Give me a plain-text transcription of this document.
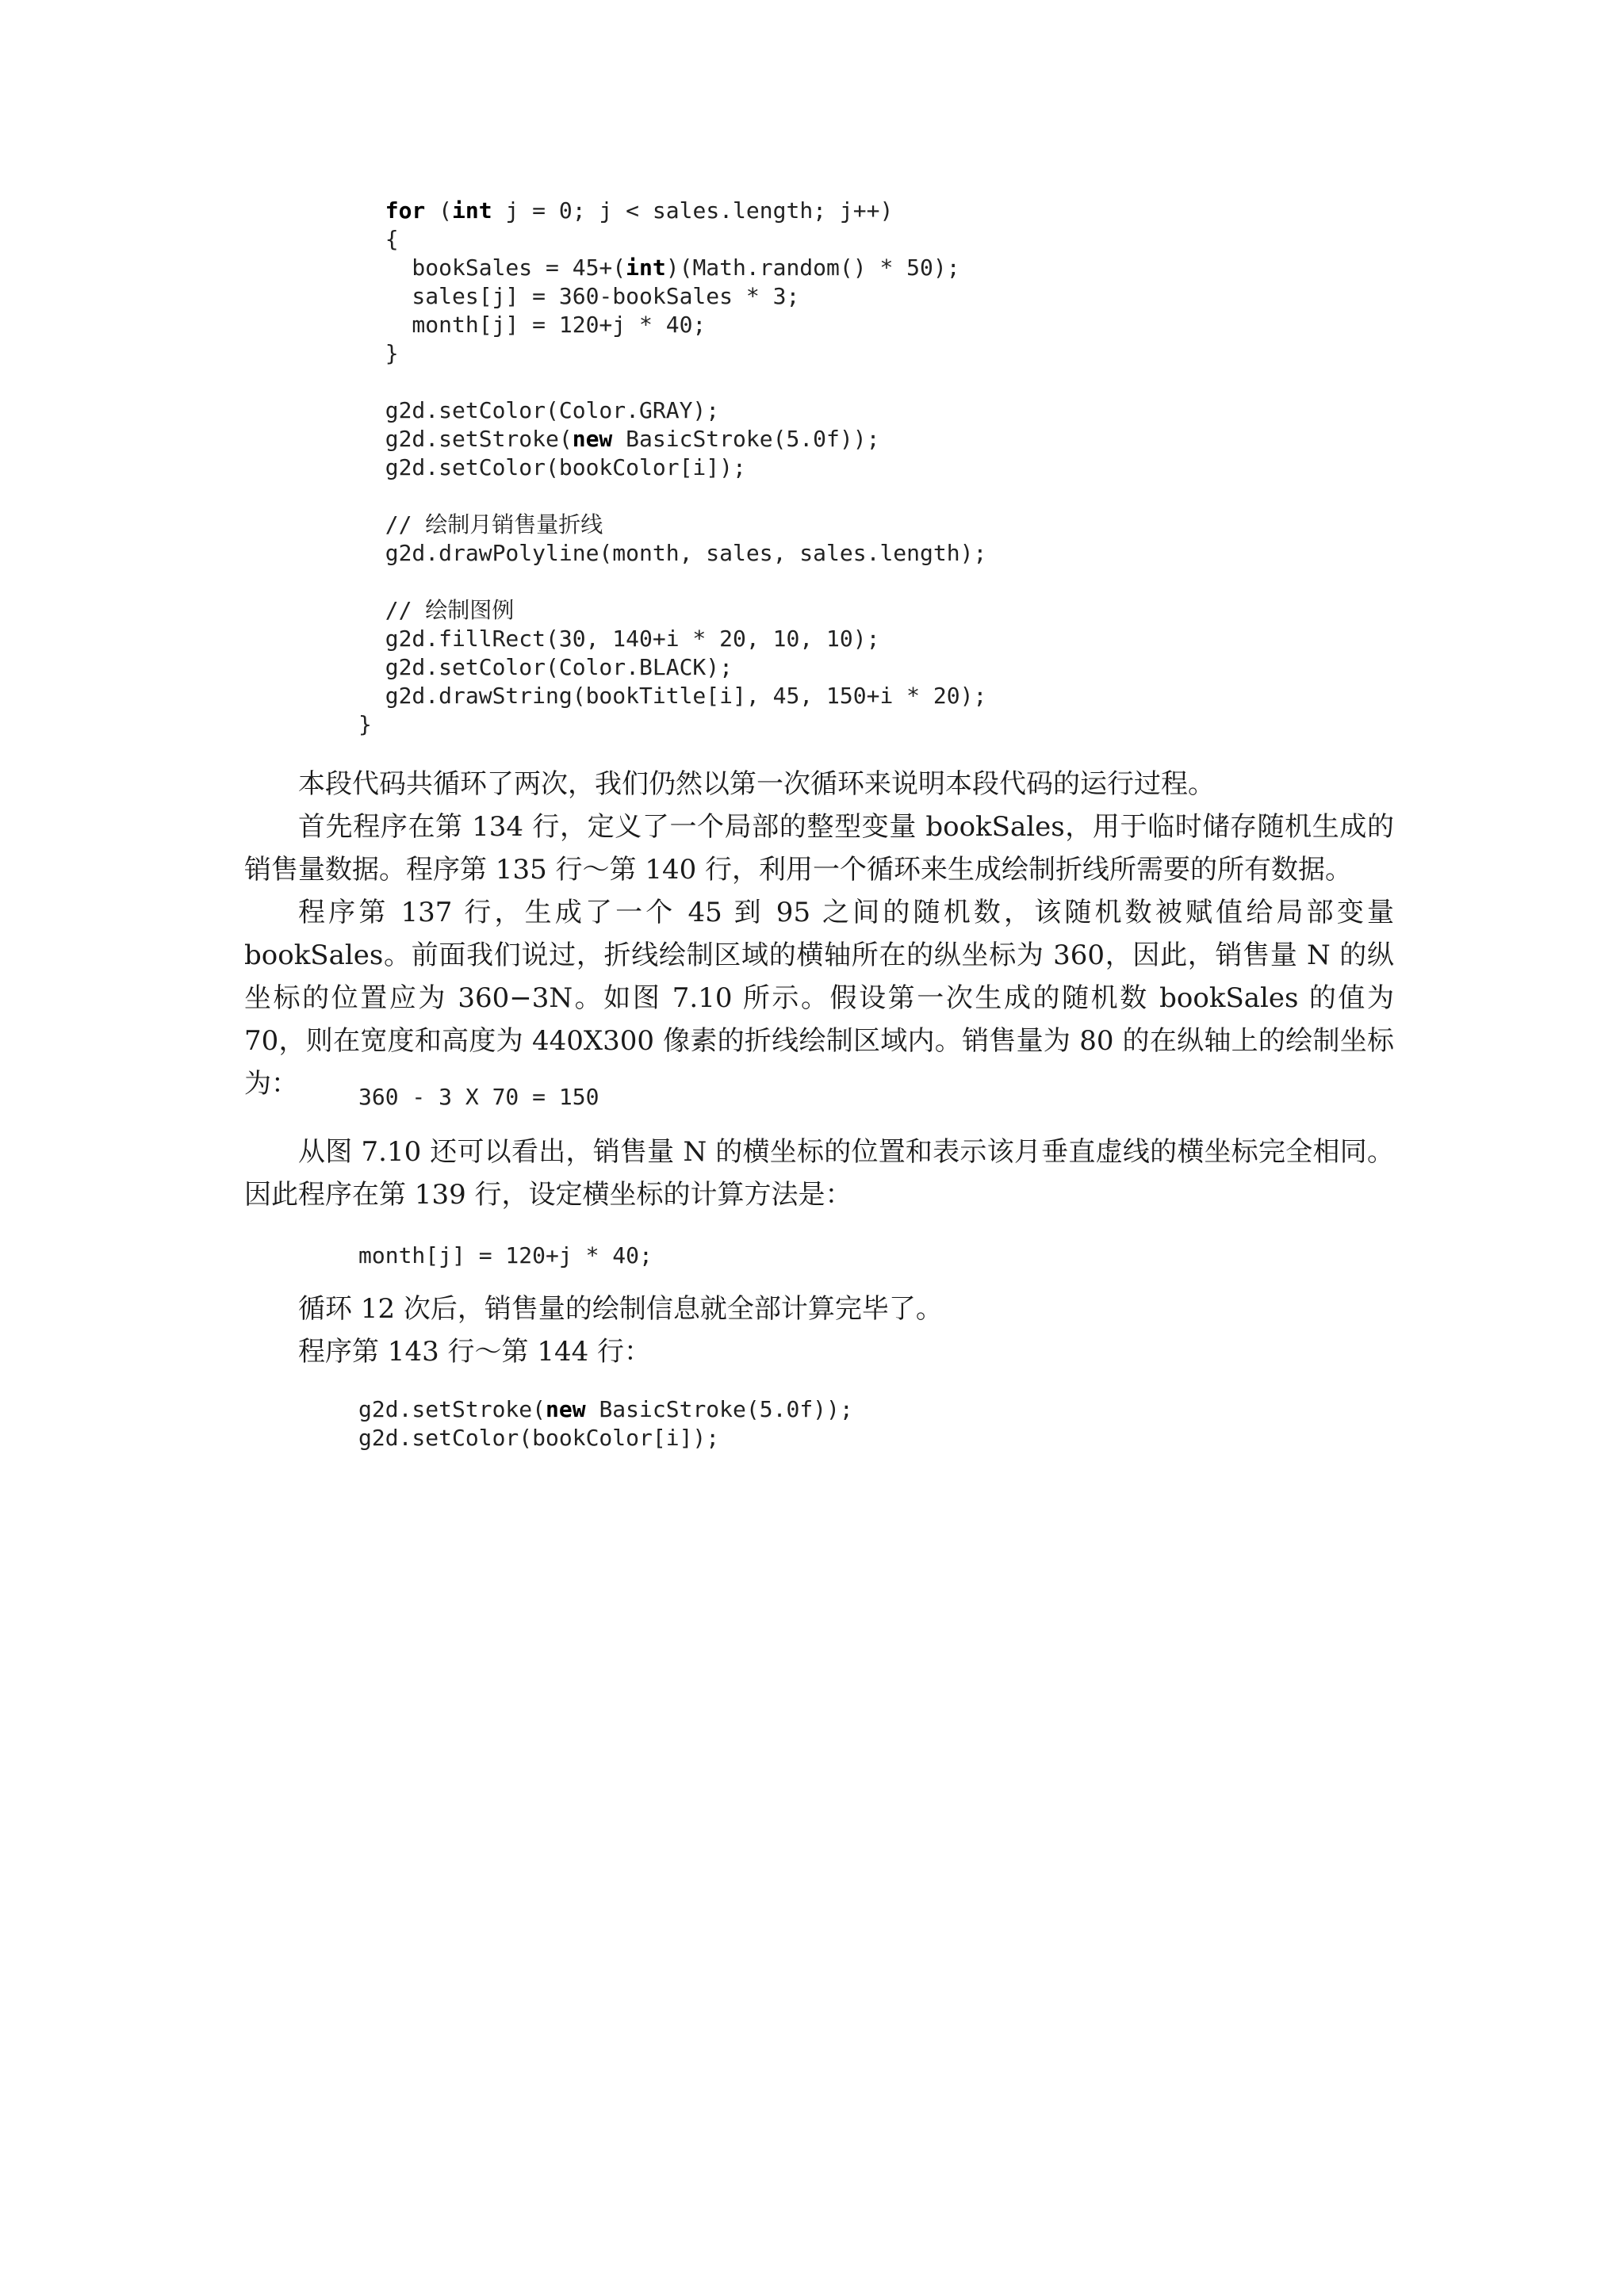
for (int j = 0; j < sales.length; j++)
{
bookSales = 45+(int)(Math.random() * 50);
sales[j] = 360-bookSales * 3;
month[j] = 120+j * 40;
}
g2d.setColor(Color.GRAY);
g2d.setStroke(new BasicStroke(5.0f));
g2d.setColor(bookColor[i]);
// 绘制月销售量折线
g2d.drawPolyline(month, sales, sales.length);
// 绘制图例
g2d.fillRect(30, 140+i * 20, 10, 10);
g2d.setColor(Color.BLACK);
g2d.drawString(bookTitle[i], 45, 150+i * 20);
}

本段代码共循环了两次，我们仍然以第一次循环来说明本段代码的运行过程。

首先程序在第 134 行，定义了一个局部的整型变量 bookSales，用于临时储存随机生成的销售量数据。程序第 135 行～第 140 行，利用一个循环来生成绘制折线所需要的所有数据。

程序第 137 行，生成了一个 45 到 95 之间的随机数，该随机数被赋值给局部变量 bookSales。前面我们说过，折线绘制区域的横轴所在的纵坐标为 360，因此，销售量 N 的纵坐标的位置应为 360−3N。如图 7.10 所示。假设第一次生成的随机数 bookSales 的值为 70，则在宽度和高度为 440X300 像素的折线绘制区域内。销售量为 80 的在纵轴上的绘制坐标为：	360 - 3 X 70 = 150

从图 7.10 还可以看出，销售量 N 的横坐标的位置和表示该月垂直虚线的横坐标完全相同。因此程序在第 139 行，设定横坐标的计算方法是：

month[j] = 120+j * 40;

循环 12 次后，销售量的绘制信息就全部计算完毕了。

程序第 143 行～第 144 行：

g2d.setStroke(new BasicStroke(5.0f));
g2d.setColor(bookColor[i]);
